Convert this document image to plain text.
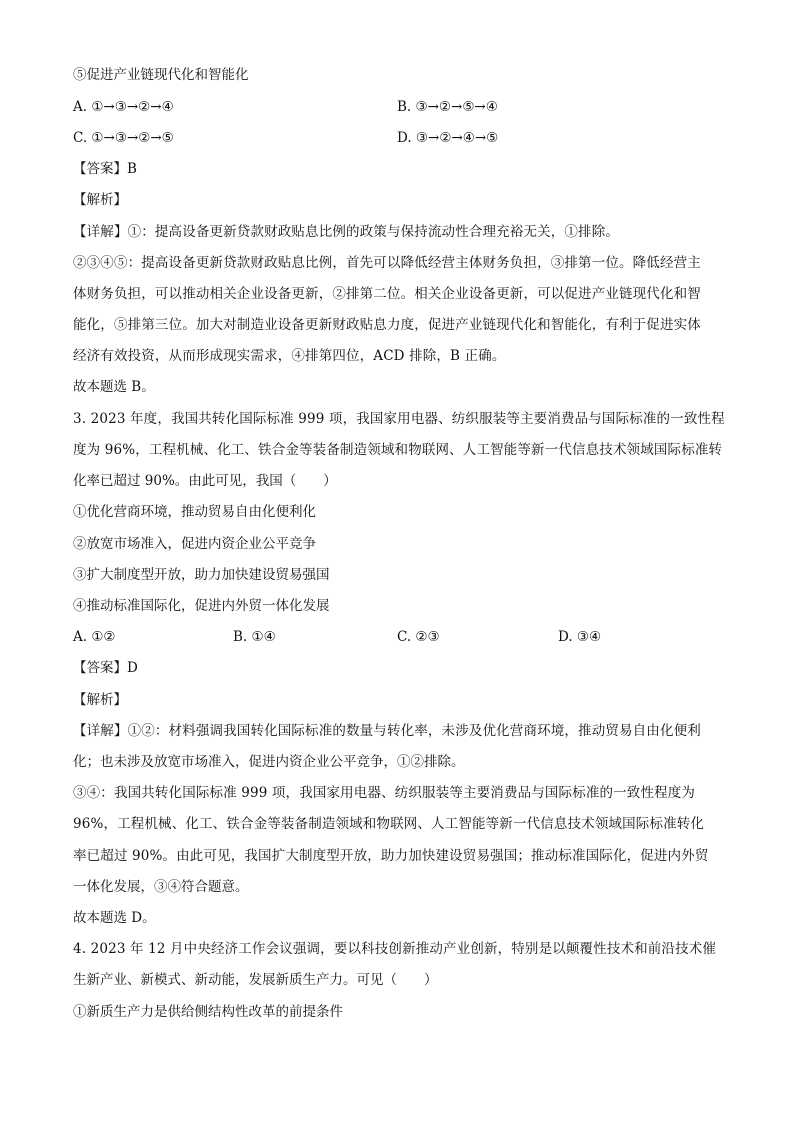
⑤促进产业链现代化和智能化
A. ①→③→②→④	B. ③→②→⑤→④
C. ①→③→②→⑤	D. ③→②→④→⑤
【答案】B
【解析】
【详解】①：提高设备更新贷款财政贴息比例的政策与保持流动性合理充裕无关，①排除。
②③④⑤：提高设备更新贷款财政贴息比例，首先可以降低经营主体财务负担，③排第一位。降低经营主
体财务负担，可以推动相关企业设备更新，②排第二位。相关企业设备更新，可以促进产业链现代化和智
能化，⑤排第三位。加大对制造业设备更新财政贴息力度，促进产业链现代化和智能化，有利于促进实体
经济有效投资，从而形成现实需求，④排第四位，ACD 排除，B 正确。
故本题选 B。
3. 2023 年度，我国共转化国际标准 999 项，我国家用电器、纺织服装等主要消费品与国际标准的一致性程
度为 96%，工程机械、化工、铁合金等装备制造领域和物联网、人工智能等新一代信息技术领域国际标准转
化率已超过 90%。由此可见，我国（　　）
①优化营商环境，推动贸易自由化便利化
②放宽市场准入，促进内资企业公平竞争
③扩大制度型开放，助力加快建设贸易强国
④推动标准国际化，促进内外贸一体化发展
A. ①②	B. ①④	C. ②③	D. ③④
【答案】D
【解析】
【详解】①②：材料强调我国转化国际标准的数量与转化率，未涉及优化营商环境，推动贸易自由化便利
化；也未涉及放宽市场准入，促进内资企业公平竞争，①②排除。
③④：我国共转化国际标准 999 项，我国家用电器、纺织服装等主要消费品与国际标准的一致性程度为
96%，工程机械、化工、铁合金等装备制造领域和物联网、人工智能等新一代信息技术领域国际标准转化
率已超过 90%。由此可见，我国扩大制度型开放，助力加快建设贸易强国；推动标准国际化，促进内外贸
一体化发展，③④符合题意。
故本题选 D。
4. 2023 年 12 月中央经济工作会议强调，要以科技创新推动产业创新，特别是以颠覆性技术和前沿技术催
生新产业、新模式、新动能，发展新质生产力。可见（　　）
①新质生产力是供给侧结构性改革的前提条件
